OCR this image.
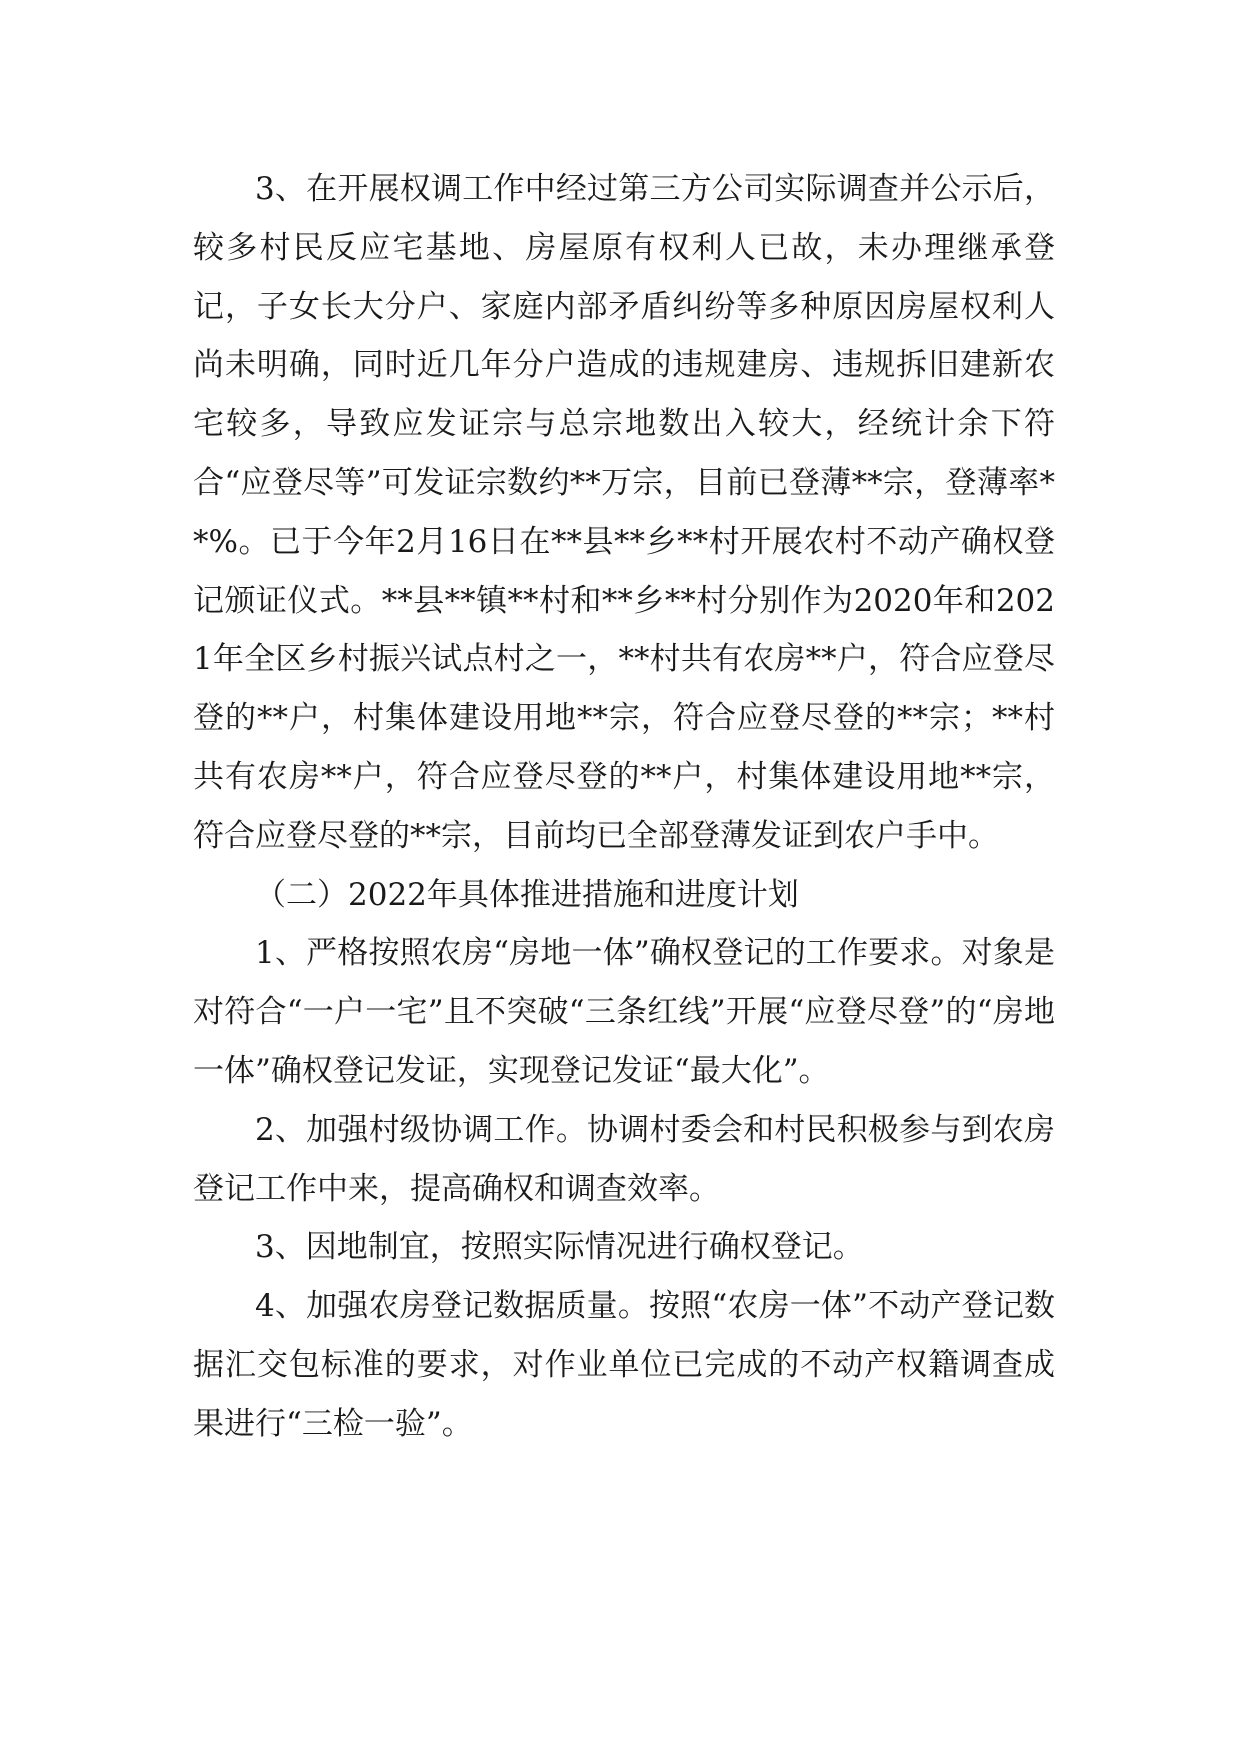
3、在开展权调工作中经过第三方公司实际调查并公示后，较多村民反应宅基地、房屋原有权利人已故，未办理继承登记，子女长大分户、家庭内部矛盾纠纷等多种原因房屋权利人尚未明确，同时近几年分户造成的违规建房、违规拆旧建新农宅较多，导致应发证宗与总宗地数出入较大，经统计余下符合“应登尽等”可发证宗数约**万宗，目前已登薄**宗，登薄率**%。已于今年2月16日在**县**乡**村开展农村不动产确权登记颁证仪式。**县**镇**村和**乡**村分别作为2020年和2021年全区乡村振兴试点村之一，**村共有农房**户，符合应登尽登的**户，村集体建设用地**宗，符合应登尽登的**宗；**村共有农房**户，符合应登尽登的**户，村集体建设用地**宗，符合应登尽登的**宗，目前均已全部登薄发证到农户手中。

（二）2022年具体推进措施和进度计划

1、严格按照农房“房地一体”确权登记的工作要求。对象是对符合“一户一宅”且不突破“三条红线”开展“应登尽登”的“房地一体”确权登记发证，实现登记发证“最大化”。

2、加强村级协调工作。协调村委会和村民积极参与到农房登记工作中来，提高确权和调查效率。

3、因地制宜，按照实际情况进行确权登记。

4、加强农房登记数据质量。按照“农房一体”不动产登记数据汇交包标准的要求，对作业单位已完成的不动产权籍调查成果进行“三检一验”。
